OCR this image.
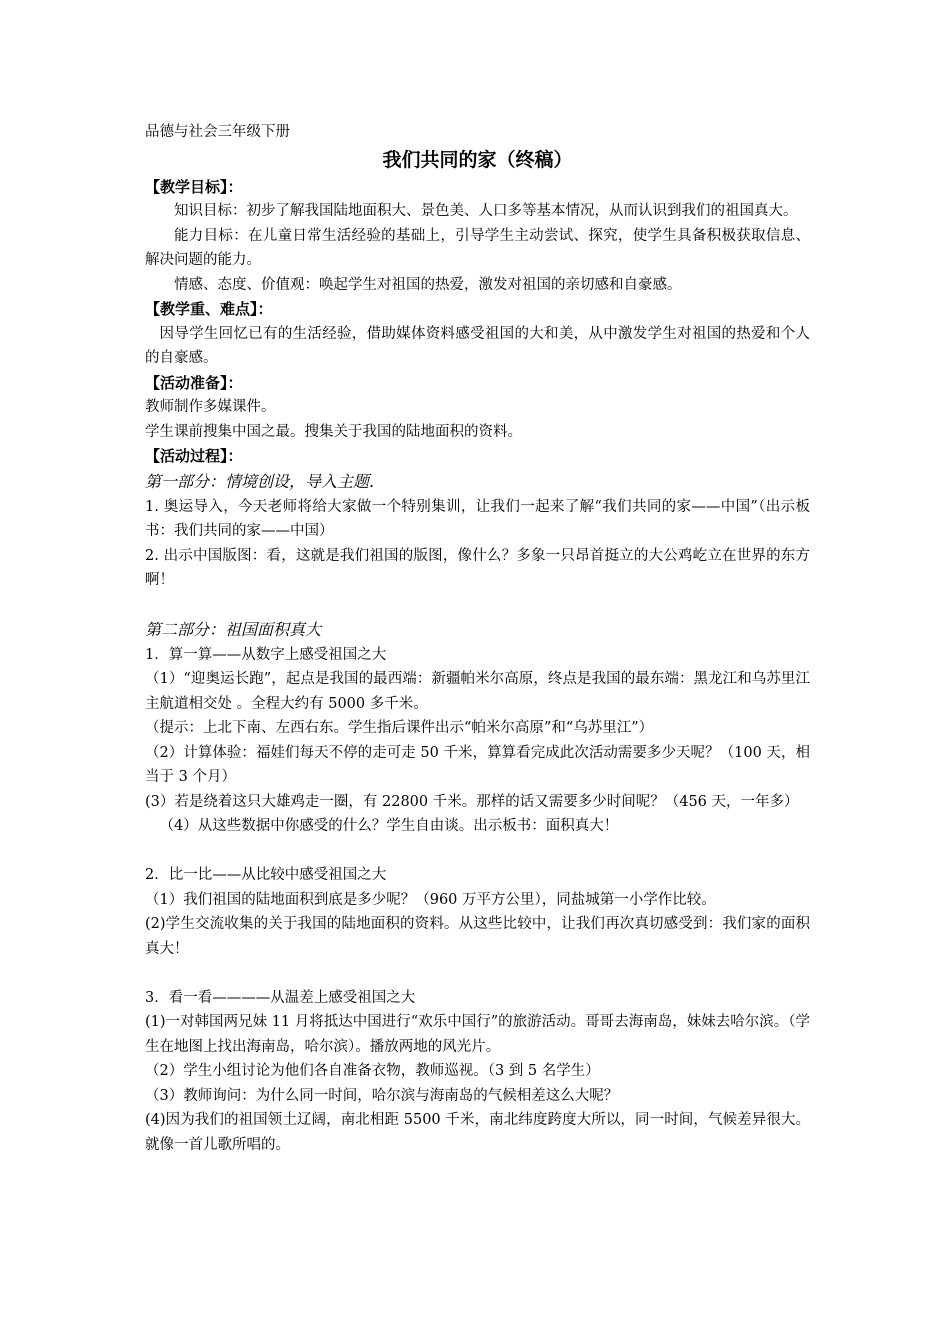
品德与社会三年级下册

我们共同的家（终稿）

【教学目标】：

知识目标：初步了解我国陆地面积大、景色美、人口多等基本情况，从而认识到我们的祖国真大。

能力目标：在儿童日常生活经验的基础上，引导学生主动尝试、探究，使学生具备积极获取信息、解决问题的能力。

情感、态度、价值观：唤起学生对祖国的热爱，激发对祖国的亲切感和自豪感。

【教学重、难点】：

因导学生回忆已有的生活经验，借助媒体资料感受祖国的大和美，从中激发学生对祖国的热爱和个人的自豪感。

【活动准备】：

教师制作多媒课件。

学生课前搜集中国之最。搜集关于我国的陆地面积的资料。

【活动过程】：

第一部分：情境创设，导入主题.

1. 奥运导入，今天老师将给大家做一个特别集训，让我们一起来了解“我们共同的家——中国”（出示板书：我们共同的家——中国）

2. 出示中国版图：看，这就是我们祖国的版图，像什么？多象一只昂首挺立的大公鸡屹立在世界的东方啊！

第二部分：祖国面积真大

1．算一算——从数字上感受祖国之大

（1）“迎奥运长跑”，起点是我国的最西端：新疆帕米尔高原，终点是我国的最东端：黑龙江和乌苏里江主航道相交处 。全程大约有 5000 多千米。

（提示：上北下南、左西右东。学生指后课件出示“帕米尔高原”和“乌苏里江”）

（2）计算体验：福娃们每天不停的走可走 50 千米，算算看完成此次活动需要多少天呢？（100 天，相当于 3 个月）

(3）若是绕着这只大雄鸡走一圈，有 22800 千米。那样的话又需要多少时间呢？（456 天，一年多）

（4）从这些数据中你感受的什么？学生自由谈。出示板书：面积真大！

2．比一比——从比较中感受祖国之大

（1）我们祖国的陆地面积到底是多少呢？（960 万平方公里），同盐城第一小学作比较。

(2)学生交流收集的关于我国的陆地面积的资料。从这些比较中，让我们再次真切感受到：我们家的面积真大！

3．看一看————从温差上感受祖国之大

(1)一对韩国两兄妹 11 月将抵达中国进行“欢乐中国行”的旅游活动。哥哥去海南岛，妹妹去哈尔滨。（学生在地图上找出海南岛，哈尔滨）。播放两地的风光片。

（2）学生小组讨论为他们各自准备衣物，教师巡视。（3 到 5 名学生）

（3）教师询问：为什么同一时间，哈尔滨与海南岛的气候相差这么大呢？

(4)因为我们的祖国领土辽阔，南北相距 5500 千米，南北纬度跨度大所以，同一时间，气候差异很大。就像一首儿歌所唱的。
